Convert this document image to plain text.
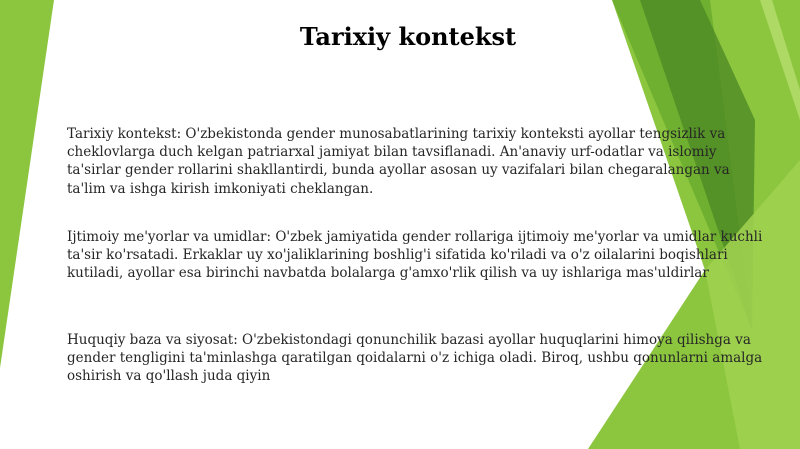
Tarixiy kontekst

Tarixiy kontekst: O'zbekistonda gender munosabatlarining tarixiy konteksti ayollar tengsizlik va cheklovlarga duch kelgan patriarxal jamiyat bilan tavsiflanadi. An'anaviy urf-odatlar va islomiy ta'sirlar gender rollarini shakllantirdi, bunda ayollar asosan uy vazifalari bilan chegaralangan va ta'lim va ishga kirish imkoniyati cheklangan.

Ijtimoiy me'yorlar va umidlar: O'zbek jamiyatida gender rollariga ijtimoiy me'yorlar va umidlar kuchli ta'sir ko'rsatadi. Erkaklar uy xo'jaliklarining boshlig'i sifatida ko'riladi va o'z oilalarini boqishlari kutiladi, ayollar esa birinchi navbatda bolalarga g'amxo'rlik qilish va uy ishlariga mas'uldirlar

Huquqiy baza va siyosat: O'zbekistondagi qonunchilik bazasi ayollar huquqlarini himoya qilishga va gender tengligini ta'minlashga qaratilgan qoidalarni o'z ichiga oladi. Biroq, ushbu qonunlarni amalga oshirish va qo'llash juda qiyin
